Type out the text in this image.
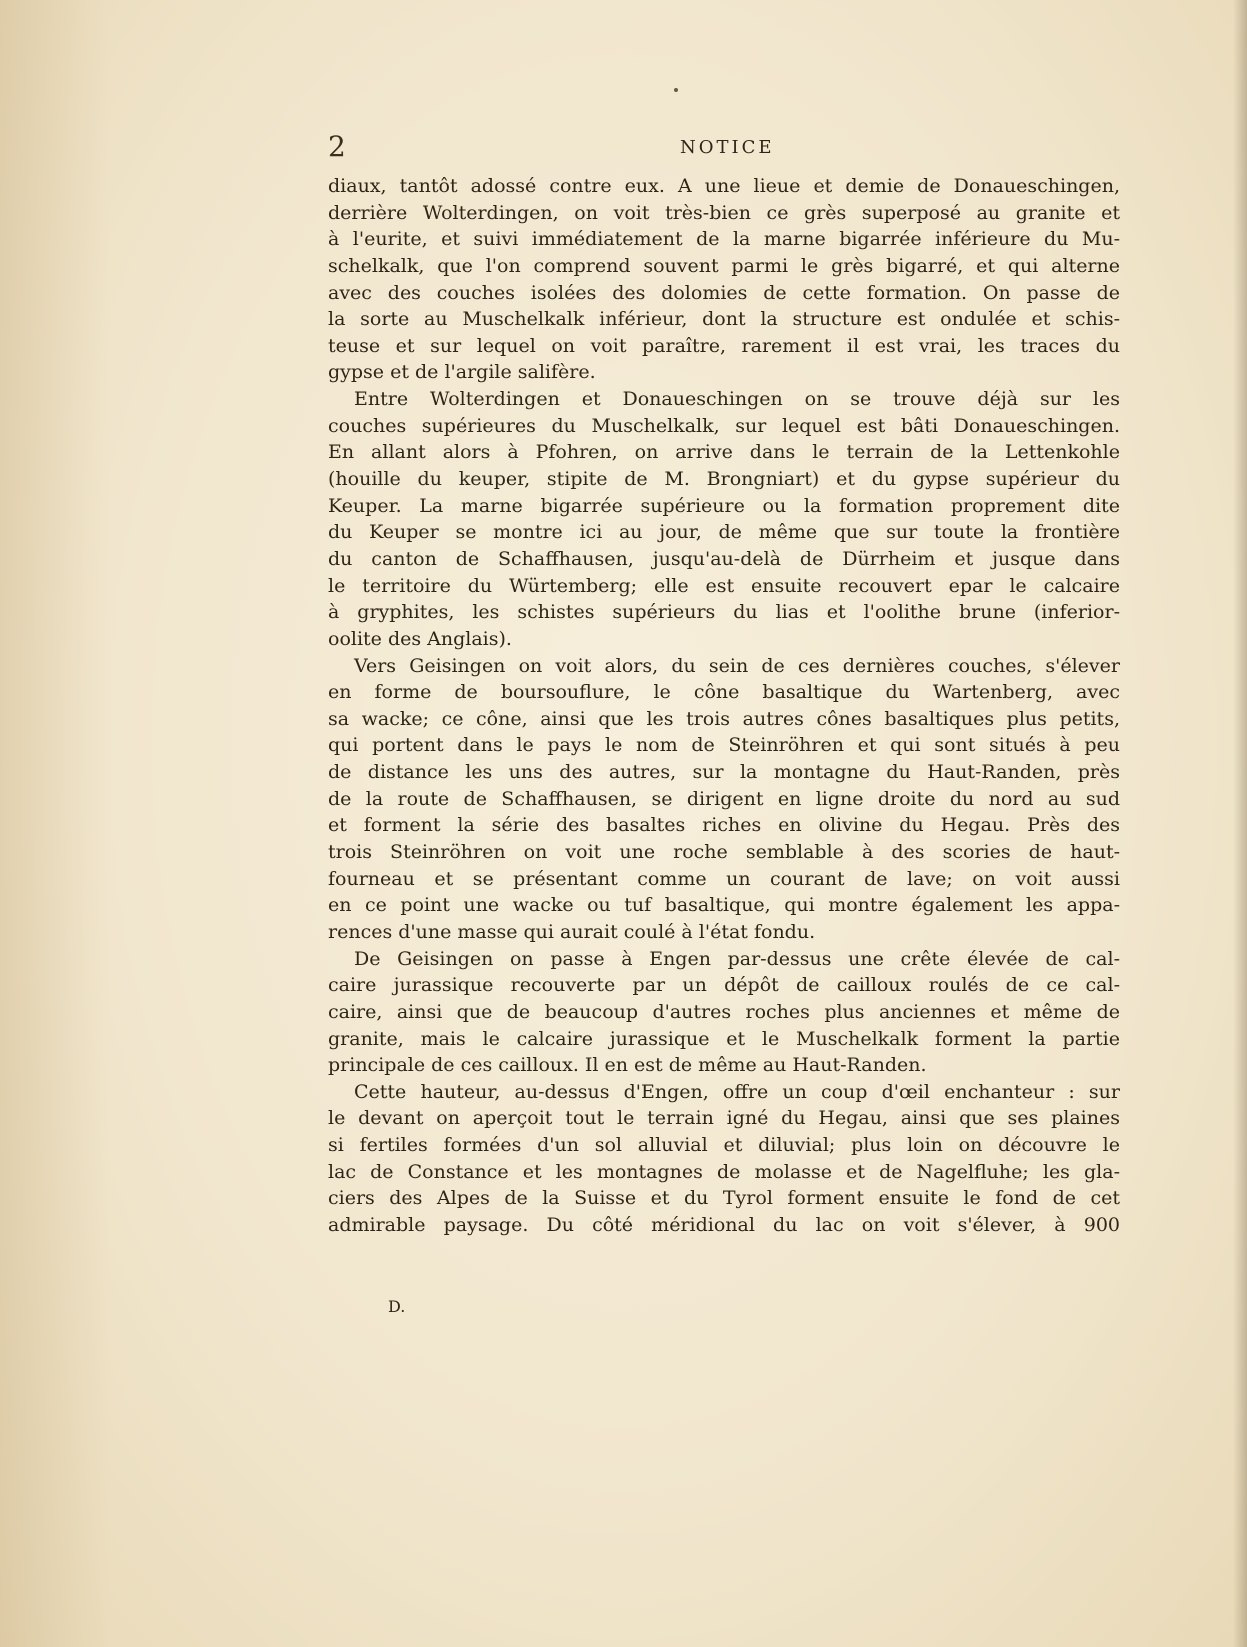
2	NOTICE
diaux, tantôt adossé contre eux. A une lieue et demie de Donaueschingen,
derrière Wolterdingen, on voit très-bien ce grès superposé au granite et
à l'eurite, et suivi immédiatement de la marne bigarrée inférieure du Mu-
schelkalk, que l'on comprend souvent parmi le grès bigarré, et qui alterne
avec des couches isolées des dolomies de cette formation. On passe de
la sorte au Muschelkalk inférieur, dont la structure est ondulée et schis-
teuse et sur lequel on voit paraître, rarement il est vrai, les traces du
gypse et de l'argile salifère.
Entre Wolterdingen et Donaueschingen on se trouve déjà sur les
couches supérieures du Muschelkalk, sur lequel est bâti Donaueschingen.
En allant alors à Pfohren, on arrive dans le terrain de la Lettenkohle
(houille du keuper, stipite de M. Brongniart) et du gypse supérieur du
Keuper. La marne bigarrée supérieure ou la formation proprement dite
du Keuper se montre ici au jour, de même que sur toute la frontière
du canton de Schaffhausen, jusqu'au-delà de Dürrheim et jusque dans
le territoire du Würtemberg; elle est ensuite recouvert epar le calcaire
à gryphites, les schistes supérieurs du lias et l'oolithe brune (inferior-
oolite des Anglais).
Vers Geisingen on voit alors, du sein de ces dernières couches, s'élever
en forme de boursouflure, le cône basaltique du Wartenberg, avec
sa wacke; ce cône, ainsi que les trois autres cônes basaltiques plus petits,
qui portent dans le pays le nom de Steinröhren et qui sont situés à peu
de distance les uns des autres, sur la montagne du Haut-Randen, près
de la route de Schaffhausen, se dirigent en ligne droite du nord au sud
et forment la série des basaltes riches en olivine du Hegau. Près des
trois Steinröhren on voit une roche semblable à des scories de haut-
fourneau et se présentant comme un courant de lave; on voit aussi
en ce point une wacke ou tuf basaltique, qui montre également les appa-
rences d'une masse qui aurait coulé à l'état fondu.
De Geisingen on passe à Engen par-dessus une crête élevée de cal-
caire jurassique recouverte par un dépôt de cailloux roulés de ce cal-
caire, ainsi que de beaucoup d'autres roches plus anciennes et même de
granite, mais le calcaire jurassique et le Muschelkalk forment la partie
principale de ces cailloux. Il en est de même au Haut-Randen.
Cette hauteur, au-dessus d'Engen, offre un coup d'œil enchanteur : sur
le devant on aperçoit tout le terrain igné du Hegau, ainsi que ses plaines
si fertiles formées d'un sol alluvial et diluvial; plus loin on découvre le
lac de Constance et les montagnes de molasse et de Nagelfluhe; les gla-
ciers des Alpes de la Suisse et du Tyrol forment ensuite le fond de cet
admirable paysage. Du côté méridional du lac on voit s'élever, à 900
D.
